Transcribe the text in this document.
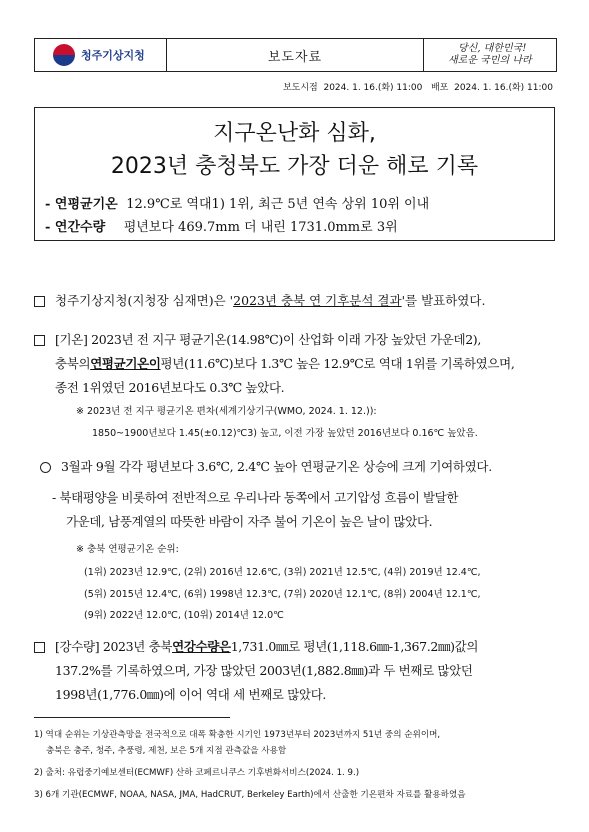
청주기상지청	보도자료
당신, 대한민국!
새로운 국민의 나라
보도시점 2024. 1. 16.(화) 11:00 배포 2024. 1. 16.(화) 11:00
지구온난화 심화,
2023년 충청북도 가장 더운 해로 기록
- 연평균기온 12.9℃로 역대1) 1위, 최근 5년 연속 상위 10위 이내
- 연간수량 평년보다 469.7mm 더 내린 1731.0mm로 3위
청주기상지청(지청장 심재면)은 ' 2023년 충북 연 기후분석 결과 '를 발표하였다.
[기온] 2023년 전 지구 평균기온(14.98℃)이 산업화 이래 가장 높았던 가운데2),
충북의 연평균기온이 평년(11.6℃)보다 1.3℃ 높은 12.9℃로 역대 1위를 기록하였으며,
종전 1위였던 2016년보다도 0.3℃ 높았다.
※ 2023년 전 지구 평균기온 편차(세계기상기구(WMO, 2024. 1. 12.)):
1850~1900년보다 1.45(±0.12)℃3) 높고, 이전 가장 높았던 2016년보다 0.16℃ 높았음.
3월과 9월 각각 평년보다 3.6℃, 2.4℃ 높아 연평균기온 상승에 크게 기여하였다.
- 북태평양을 비롯하여 전반적으로 우리나라 동쪽에서 고기압성 흐름이 발달한
가운데, 남풍계열의 따뜻한 바람이 자주 불어 기온이 높은 날이 많았다.
※ 충북 연평균기온 순위:
(1위) 2023년 12.9℃, (2위) 2016년 12.6℃, (3위) 2021년 12.5℃, (4위) 2019년 12.4℃,
(5위) 2015년 12.4℃, (6위) 1998년 12.3℃, (7위) 2020년 12.1℃, (8위) 2004년 12.1℃,
(9위) 2022년 12.0℃, (10위) 2014년 12.0℃
[강수량] 2023년 충북 연강수량은 1,731.0㎜로 평년(1,118.6㎜-1,367.2㎜)값의
137.2%를 기록하였으며, 가장 많았던 2003년(1,882.8㎜)과 두 번째로 많았던
1998년(1,776.0㎜)에 이어 역대 세 번째로 많았다.
1) 역대 순위는 기상관측망을 전국적으로 대폭 확충한 시기인 1973년부터 2023년까지 51년 중의 순위이며,
충북은 충주, 청주, 추풍령, 제천, 보은 5개 지점 관측값을 사용함
2) 출처: 유럽중기예보센터(ECMWF) 산하 코페르니쿠스 기후변화서비스(2024. 1. 9.)
3) 6개 기관(ECMWF, NOAA, NASA, JMA, HadCRUT, Berkeley Earth)에서 산출한 기온편차 자료를 활용하였음
